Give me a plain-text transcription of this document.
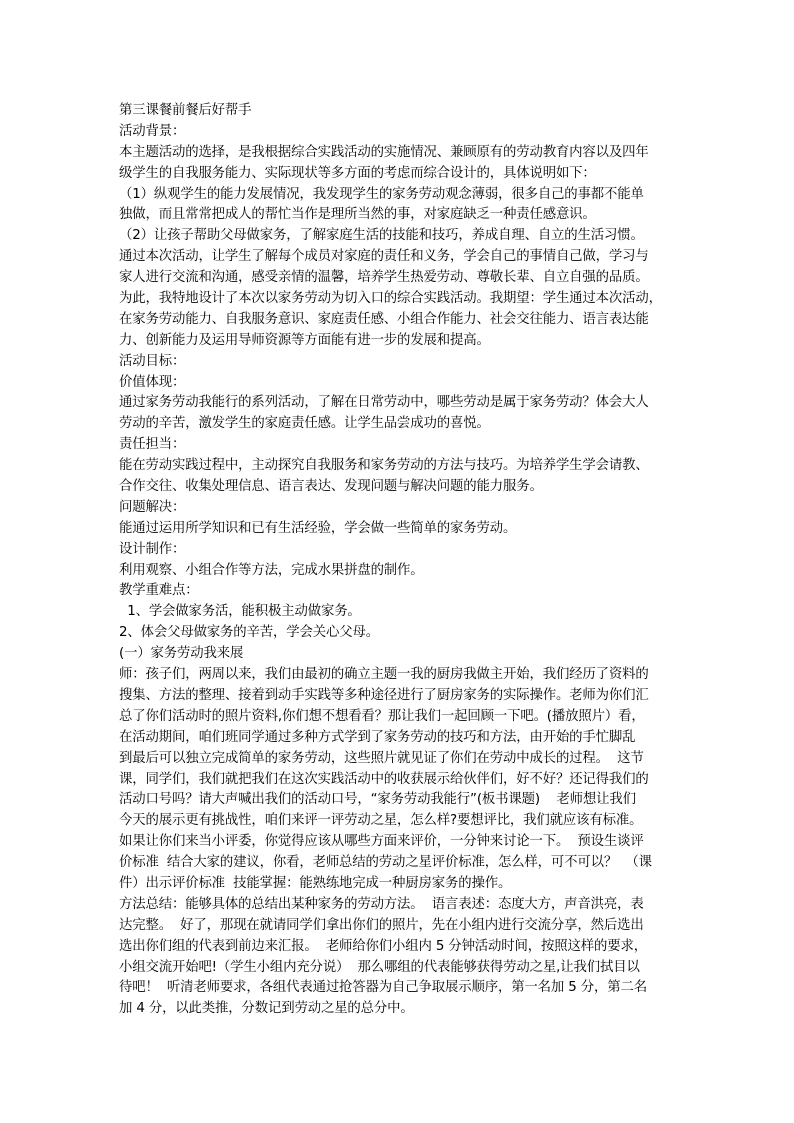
第三课餐前餐后好帮手
活动背景：
本主题活动的选择，是我根据综合实践活动的实施情况、兼顾原有的劳动教育内容以及四年
级学生的自我服务能力、实际现状等多方面的考虑而综合设计的，具体说明如下：
（1）纵观学生的能力发展情况，我发现学生的家务劳动观念薄弱，很多自己的事都不能单
独做，而且常常把成人的帮忙当作是理所当然的事，对家庭缺乏一种责任感意识。
（2）让孩子帮助父母做家务，了解家庭生活的技能和技巧，养成自理、自立的生活习惯。
通过本次活动，让学生了解每个成员对家庭的责任和义务，学会自己的事情自己做，学习与
家人进行交流和沟通，感受亲情的温馨，培养学生热爱劳动、尊敬长辈、自立自强的品质。
为此，我特地设计了本次以家务劳动为切入口的综合实践活动。我期望：学生通过本次活动，
在家务劳动能力、自我服务意识、家庭责任感、小组合作能力、社会交往能力、语言表达能
力、创新能力及运用导师资源等方面能有进一步的发展和提高。
活动目标：
价值体现：
通过家务劳动我能行的系列活动，了解在日常劳动中，哪些劳动是属于家务劳动？体会大人
劳动的辛苦，激发学生的家庭责任感。让学生品尝成功的喜悦。
责任担当：
能在劳动实践过程中，主动探究自我服务和家务劳动的方法与技巧。为培养学生学会请教、
合作交往、收集处理信息、语言表达、发现问题与解决问题的能力服务。
问题解决：
能通过运用所学知识和已有生活经验，学会做一些简单的家务劳动。
设计制作：
利用观察、小组合作等方法，完成水果拼盘的制作。
教学重难点：
1、学会做家务活，能积极主动做家务。
2、体会父母做家务的辛苦，学会关心父母。
(一）家务劳动我来展
师：孩子们，两周以来，我们由最初的确立主题一我的厨房我做主开始，我们经历了资料的
搜集、方法的整理、接着到动手实践等多种途径进行了厨房家务的实际操作。老师为你们汇
总了你们活动时的照片资料,你们想不想看看？那让我们一起回顾一下吧。(播放照片）看，
在活动期间，咱们班同学通过多种方式学到了家务劳动的技巧和方法，由开始的手忙脚乱
到最后可以独立完成简单的家务劳动，这些照片就见证了你们在劳动中成长的过程。  这节
课，同学们，我们就把我们在这次实践活动中的收获展示给伙伴们，好不好？还记得我们的
活动口号吗？请大声喊出我们的活动口号，“家务劳动我能行”(板书课题)    老师想让我们
今天的展示更有挑战性，咱们来评一评劳动之星，怎么样?要想评比，我们就应该有标准。
如果让你们来当小评委，你觉得应该从哪些方面来评价，一分钟来讨论一下。  预设生谈评
价标准  结合大家的建议，你看，老师总结的劳动之星评价标准，怎么样，可不可以？  （课
件）出示评价标准  技能掌握：能熟练地完成一种厨房家务的操作。
方法总结：能够具体的总结出某种家务的劳动方法。  语言表述：态度大方，声音洪亮，表
达完整。  好了，那现在就请同学们拿出你们的照片，先在小组内进行交流分享，然后选出
选出你们组的代表到前边来汇报。  老师给你们小组内 5 分钟活动时间，按照这样的要求，
小组交流开始吧!（学生小组内充分说）  那么哪组的代表能够获得劳动之星,让我们拭目以
待吧！  听清老师要求，各组代表通过抢答器为自己争取展示顺序，第一名加 5 分，第二名
加 4 分，以此类推，分数记到劳动之星的总分中。
